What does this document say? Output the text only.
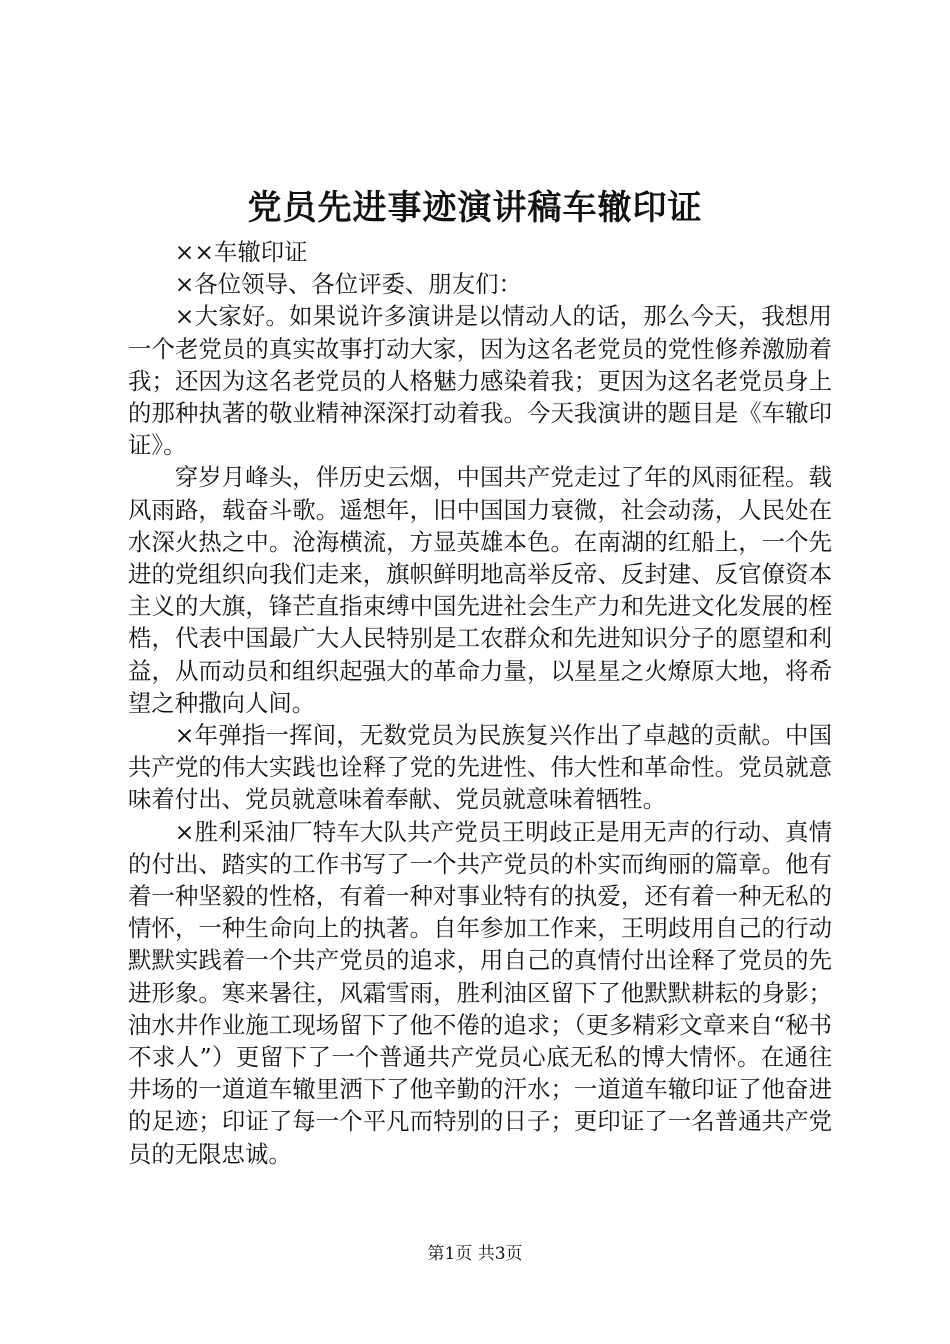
党员先进事迹演讲稿车辙印证

××车辙印证

×各位领导、各位评委、朋友们：

×大家好。如果说许多演讲是以情动人的话，那么今天，我想用一个老党员的真实故事打动大家，因为这名老党员的党性修养激励着我；还因为这名老党员的人格魅力感染着我；更因为这名老党员身上的那种执著的敬业精神深深打动着我。今天我演讲的题目是《车辙印证》。

穿岁月峰头，伴历史云烟，中国共产党走过了年的风雨征程。载风雨路，载奋斗歌。遥想年，旧中国国力衰微，社会动荡，人民处在水深火热之中。沧海横流，方显英雄本色。在南湖的红船上，一个先进的党组织向我们走来，旗帜鲜明地高举反帝、反封建、反官僚资本主义的大旗，锋芒直指束缚中国先进社会生产力和先进文化发展的桎梏，代表中国最广大人民特别是工农群众和先进知识分子的愿望和利益，从而动员和组织起强大的革命力量，以星星之火燎原大地，将希望之种撒向人间。

×年弹指一挥间，无数党员为民族复兴作出了卓越的贡献。中国共产党的伟大实践也诠释了党的先进性、伟大性和革命性。党员就意味着付出、党员就意味着奉献、党员就意味着牺牲。

×胜利采油厂特车大队共产党员王明歧正是用无声的行动、真情的付出、踏实的工作书写了一个共产党员的朴实而绚丽的篇章。他有着一种坚毅的性格，有着一种对事业特有的执爱，还有着一种无私的情怀，一种生命向上的执著。自年参加工作来，王明歧用自己的行动默默实践着一个共产党员的追求，用自己的真情付出诠释了党员的先进形象。寒来暑往，风霜雪雨，胜利油区留下了他默默耕耘的身影；油水井作业施工现场留下了他不倦的追求；（更多精彩文章来自“秘书不求人”）更留下了一个普通共产党员心底无私的博大情怀。在通往井场的一道道车辙里洒下了他辛勤的汗水；一道道车辙印证了他奋进的足迹；印证了每一个平凡而特别的日子；更印证了一名普通共产党员的无限忠诚。

第1页 共3页
